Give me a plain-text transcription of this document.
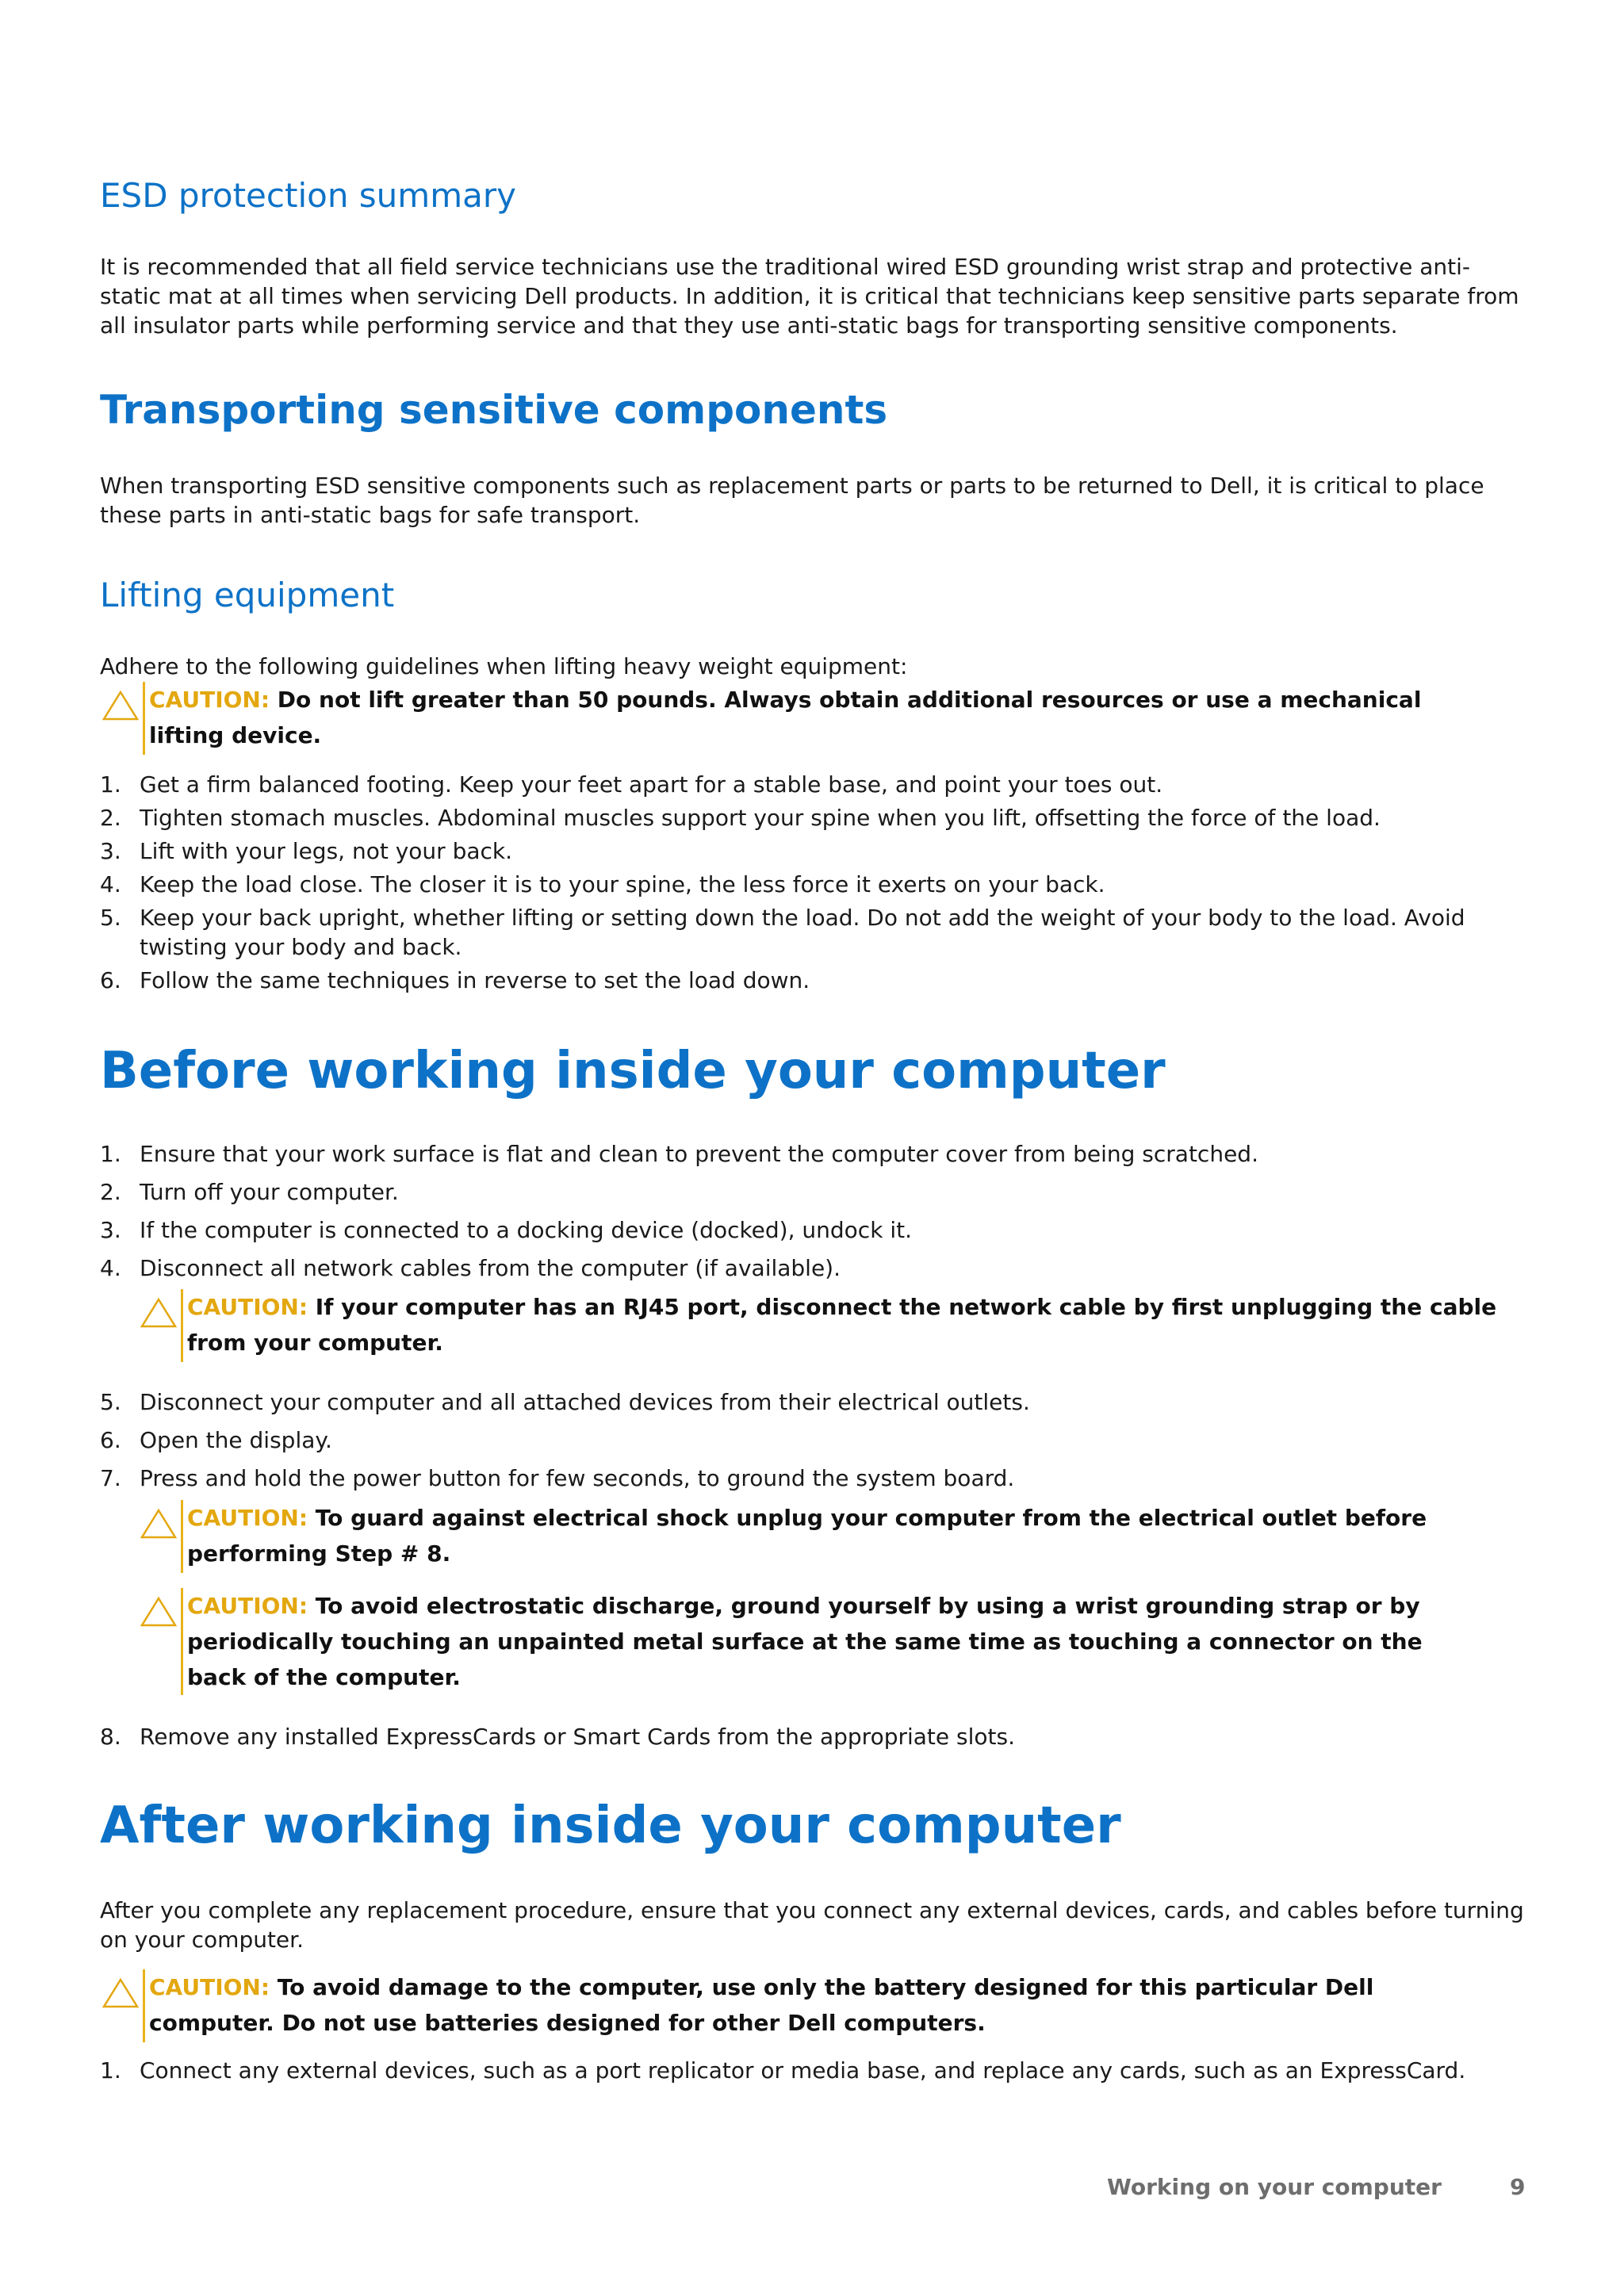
ESD protection summary

It is recommended that all field service technicians use the traditional wired ESD grounding wrist strap and protective anti-static mat at all times when servicing Dell products. In addition, it is critical that technicians keep sensitive parts separate from all insulator parts while performing service and that they use anti-static bags for transporting sensitive components.

Transporting sensitive components

When transporting ESD sensitive components such as replacement parts or parts to be returned to Dell, it is critical to place these parts in anti-static bags for safe transport.

Lifting equipment

Adhere to the following guidelines when lifting heavy weight equipment:

CAUTION: Do not lift greater than 50 pounds. Always obtain additional resources or use a mechanical lifting device.
1. Get a firm balanced footing. Keep your feet apart for a stable base, and point your toes out.
2. Tighten stomach muscles. Abdominal muscles support your spine when you lift, offsetting the force of the load.
3. Lift with your legs, not your back.
4. Keep the load close. The closer it is to your spine, the less force it exerts on your back.
5. Keep your back upright, whether lifting or setting down the load. Do not add the weight of your body to the load. Avoid twisting your body and back.
6. Follow the same techniques in reverse to set the load down.
Before working inside your computer
1. Ensure that your work surface is flat and clean to prevent the computer cover from being scratched.
2. Turn off your computer.
3. If the computer is connected to a docking device (docked), undock it.
4. Disconnect all network cables from the computer (if available).
CAUTION: If your computer has an RJ45 port, disconnect the network cable by first unplugging the cable from your computer.
5. Disconnect your computer and all attached devices from their electrical outlets.
6. Open the display.
7. Press and hold the power button for few seconds, to ground the system board.
CAUTION: To guard against electrical shock unplug your computer from the electrical outlet before performing Step # 8.
CAUTION: To avoid electrostatic discharge, ground yourself by using a wrist grounding strap or by periodically touching an unpainted metal surface at the same time as touching a connector on the back of the computer.
8. Remove any installed ExpressCards or Smart Cards from the appropriate slots.
After working inside your computer

After you complete any replacement procedure, ensure that you connect any external devices, cards, and cables before turning on your computer.

CAUTION: To avoid damage to the computer, use only the battery designed for this particular Dell computer. Do not use batteries designed for other Dell computers.
1. Connect any external devices, such as a port replicator or media base, and replace any cards, such as an ExpressCard.
Working on your computer	9
